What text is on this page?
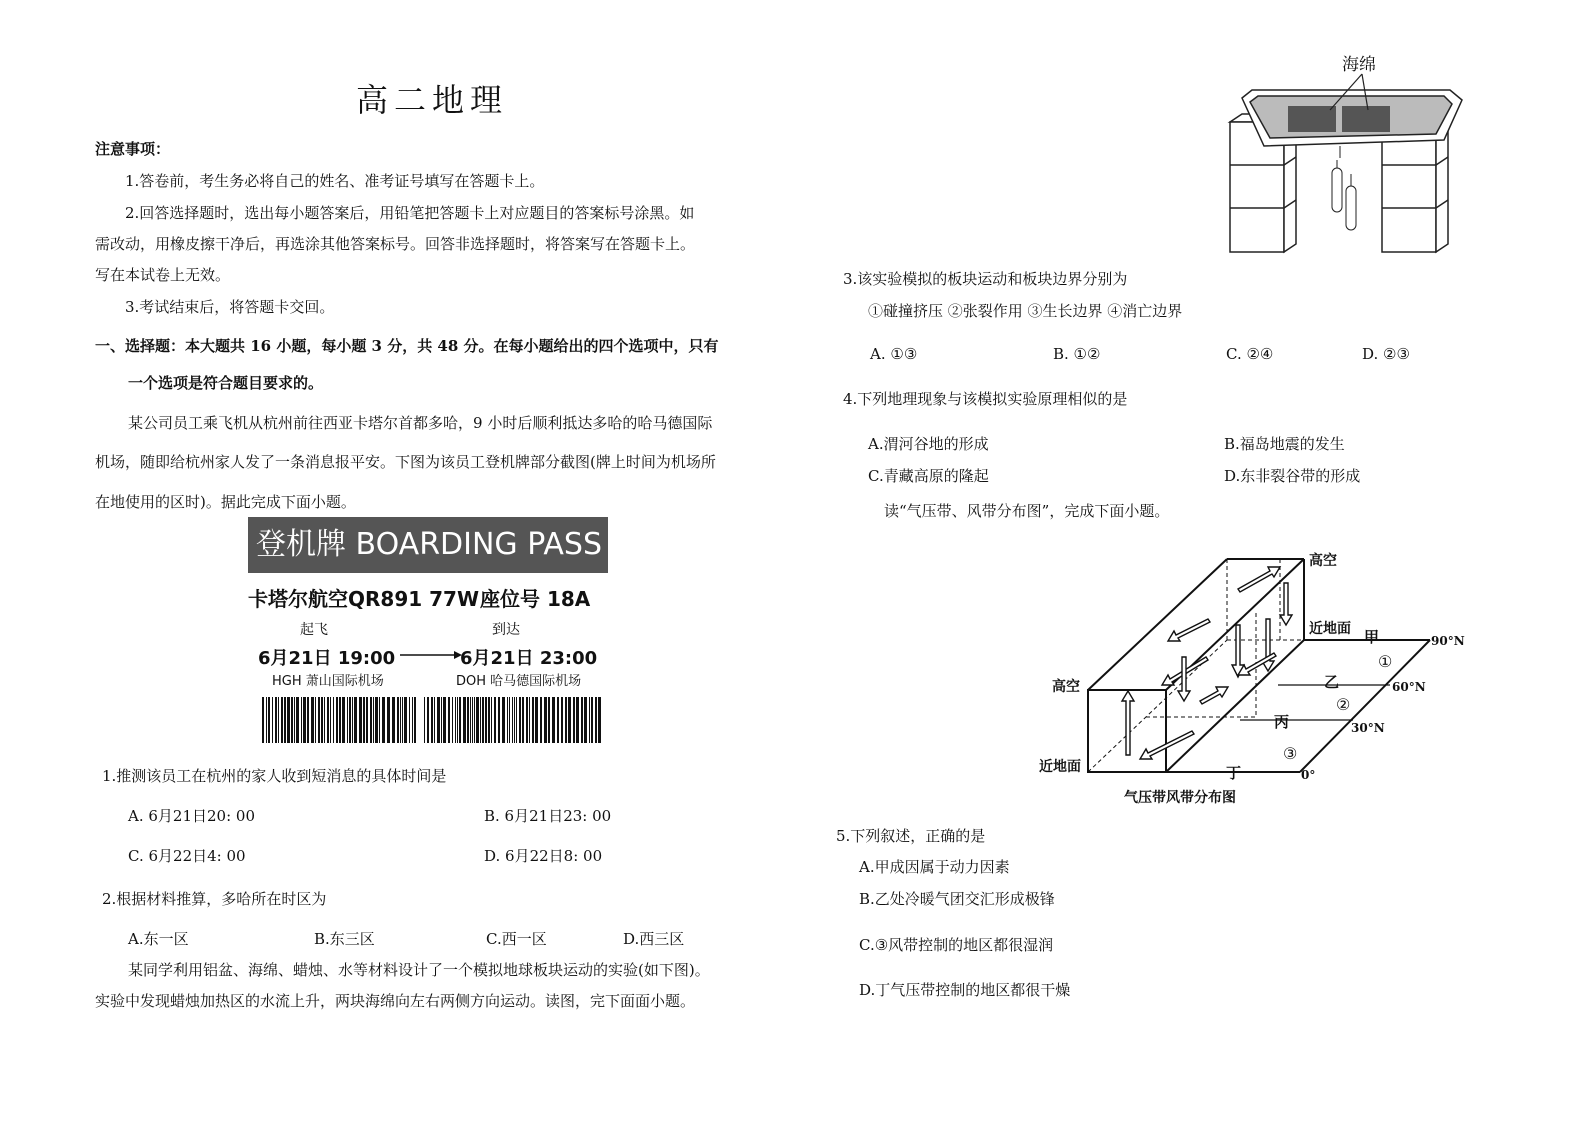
高二地理
注意事项：
1.答卷前，考生务必将自己的姓名、准考证号填写在答题卡上。
2.回答选择题时，选出每小题答案后，用铅笔把答题卡上对应题目的答案标号涂黑。如
需改动，用橡皮擦干净后，再选涂其他答案标号。回答非选择题时，将答案写在答题卡上。
写在本试卷上无效。
3.考试结束后，将答题卡交回。
一、选择题：本大题共 16 小题，每小题 3 分，共 48 分。在每小题给出的四个选项中，只有
一个选项是符合题目要求的。
某公司员工乘飞机从杭州前往西亚卡塔尔首都多哈，9 小时后顺利抵达多哈的哈马德国际
机场，随即给杭州家人发了一条消息报平安。下图为该员工登机牌部分截图(牌上时间为机场所
在地使用的区时)。据此完成下面小题。
登机牌 BOARDING PASS
卡塔尔航空QR891 77W 座位号 18A
起飞	到达
6月21日 19:00	6月21日 23:00
HGH 萧山国际机场	DOH 哈马德国际机场
1.推测该员工在杭州的家人收到短消息的具体时间是
A. 6月21日20: 00	B. 6月21日23: 00
C. 6月22日4: 00	D. 6月22日8: 00
2.根据材料推算，多哈所在时区为
A.东一区	B.东三区	C.西一区	D.西三区
某同学利用铝盆、海绵、蜡烛、水等材料设计了一个模拟地球板块运动的实验(如下图)。
实验中发现蜡烛加热区的水流上升，两块海绵向左右两侧方向运动。读图，完下面面小题。
海绵
3.该实验模拟的板块运动和板块边界分别为
①碰撞挤压 ②张裂作用 ③生长边界 ④消亡边界
A. ①③	B. ①②	C. ②④	D. ②③
4.下列地理现象与该模拟实验原理相似的是
A.渭河谷地的形成	B.福岛地震的发生
C.青藏高原的隆起	D.东非裂谷带的形成
读“气压带、风带分布图”，完成下面小题。
高空
近地面
高空
近地面
甲
乙
丙
丁
90°N
60°N
30°N
0°
①
②
③
气压带风带分布图
5.下列叙述，正确的是
A.甲成因属于动力因素
B.乙处冷暖气团交汇形成极锋
C.③风带控制的地区都很湿润
D.丁气压带控制的地区都很干燥
